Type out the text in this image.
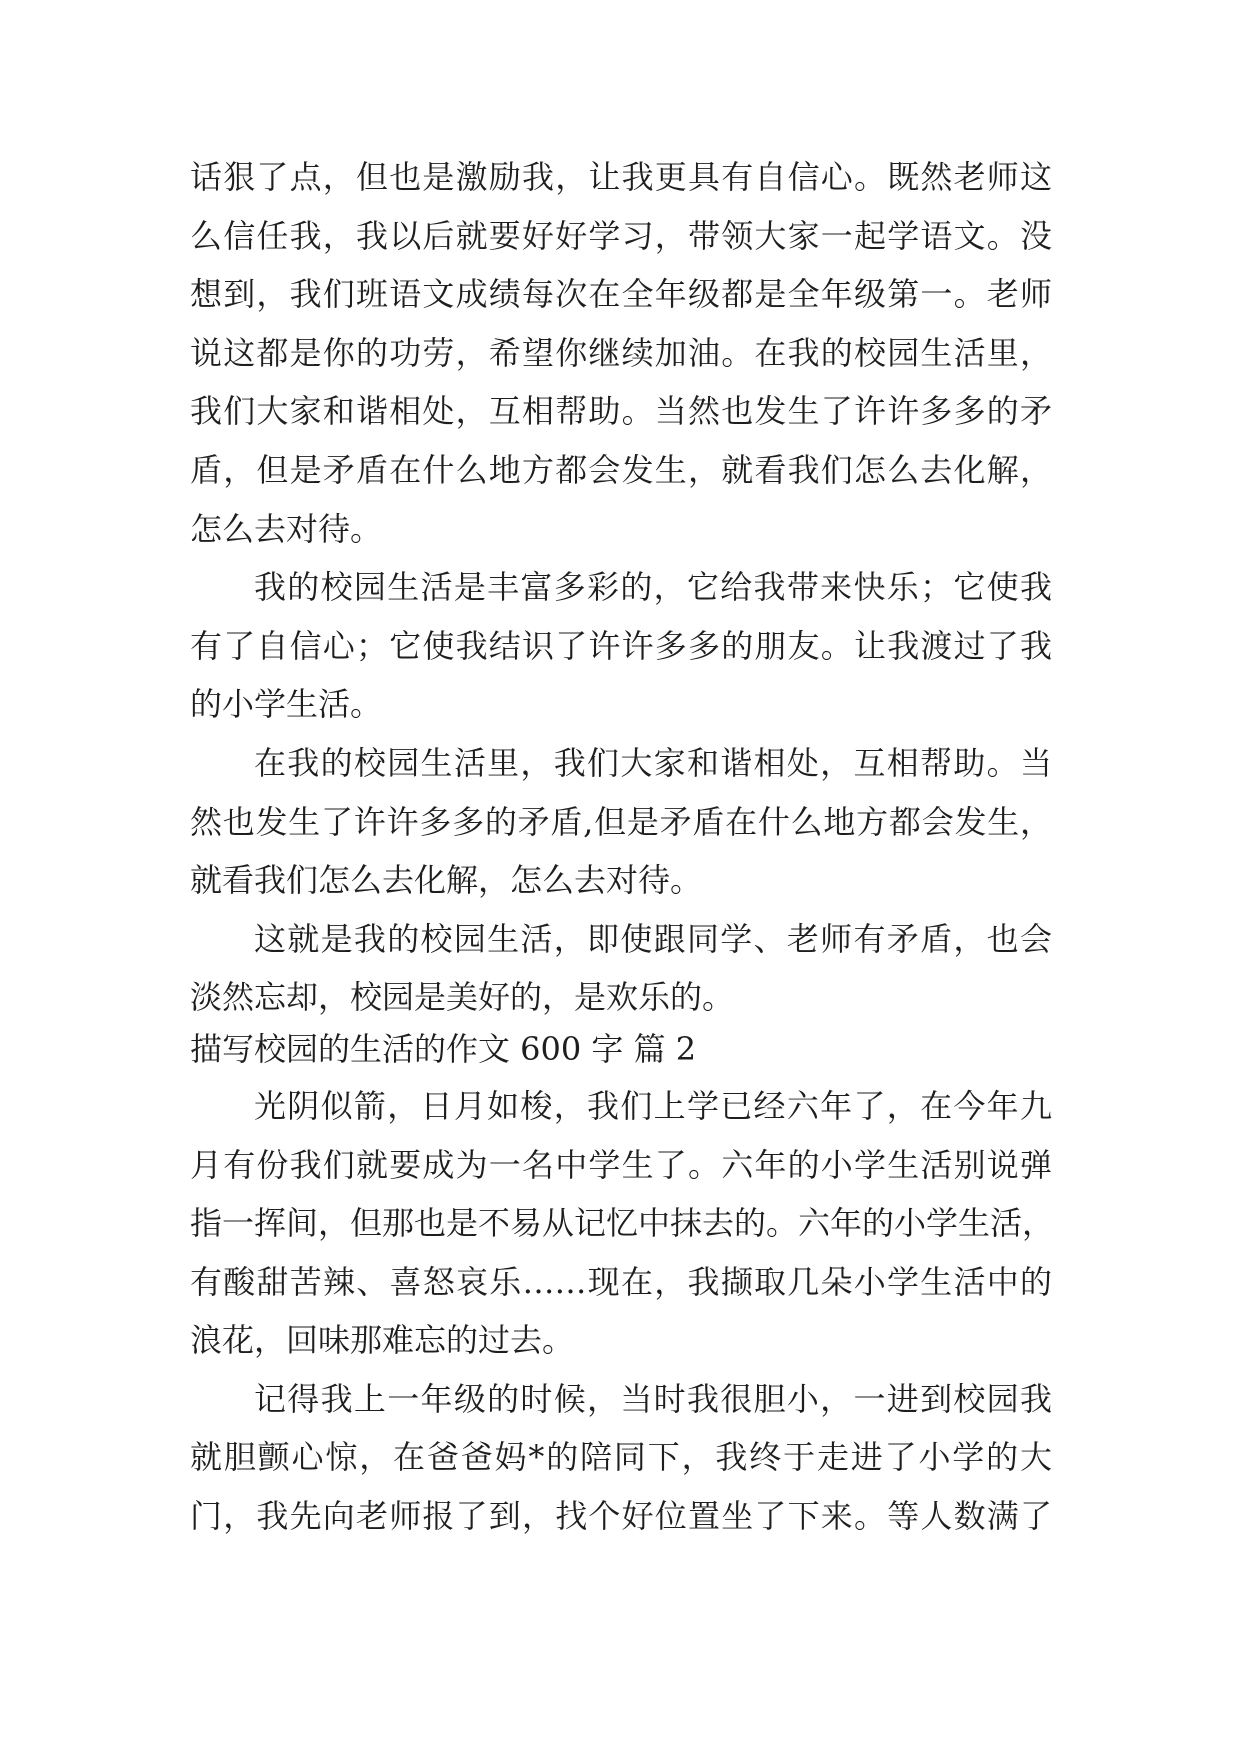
话狠了点，但也是激励我，让我更具有自信心。既然老师这
么信任我，我以后就要好好学习，带领大家一起学语文。没
想到，我们班语文成绩每次在全年级都是全年级第一。老师
说这都是你的功劳，希望你继续加油。在我的校园生活里，
我们大家和谐相处，互相帮助。当然也发生了许许多多的矛
盾，但是矛盾在什么地方都会发生，就看我们怎么去化解，
怎么去对待。
我的校园生活是丰富多彩的，它给我带来快乐；它使我
有了自信心；它使我结识了许许多多的朋友。让我渡过了我
的小学生活。
在我的校园生活里，我们大家和谐相处，互相帮助。当
然也发生了许许多多的矛盾,但是矛盾在什么地方都会发生，
就看我们怎么去化解，怎么去对待。
这就是我的校园生活，即使跟同学、老师有矛盾，也会
淡然忘却，校园是美好的，是欢乐的。
描写校园的生活的作文 600 字 篇 2
光阴似箭，日月如梭，我们上学已经六年了，在今年九
月有份我们就要成为一名中学生了。六年的小学生活别说弹
指一挥间，但那也是不易从记忆中抹去的。六年的小学生活，
有酸甜苦辣、喜怒哀乐……现在，我撷取几朵小学生活中的
浪花，回味那难忘的过去。
记得我上一年级的时候，当时我很胆小，一进到校园我
就胆颤心惊，在爸爸妈*的陪同下，我终于走进了小学的大
门，我先向老师报了到，找个好位置坐了下来。等人数满了
